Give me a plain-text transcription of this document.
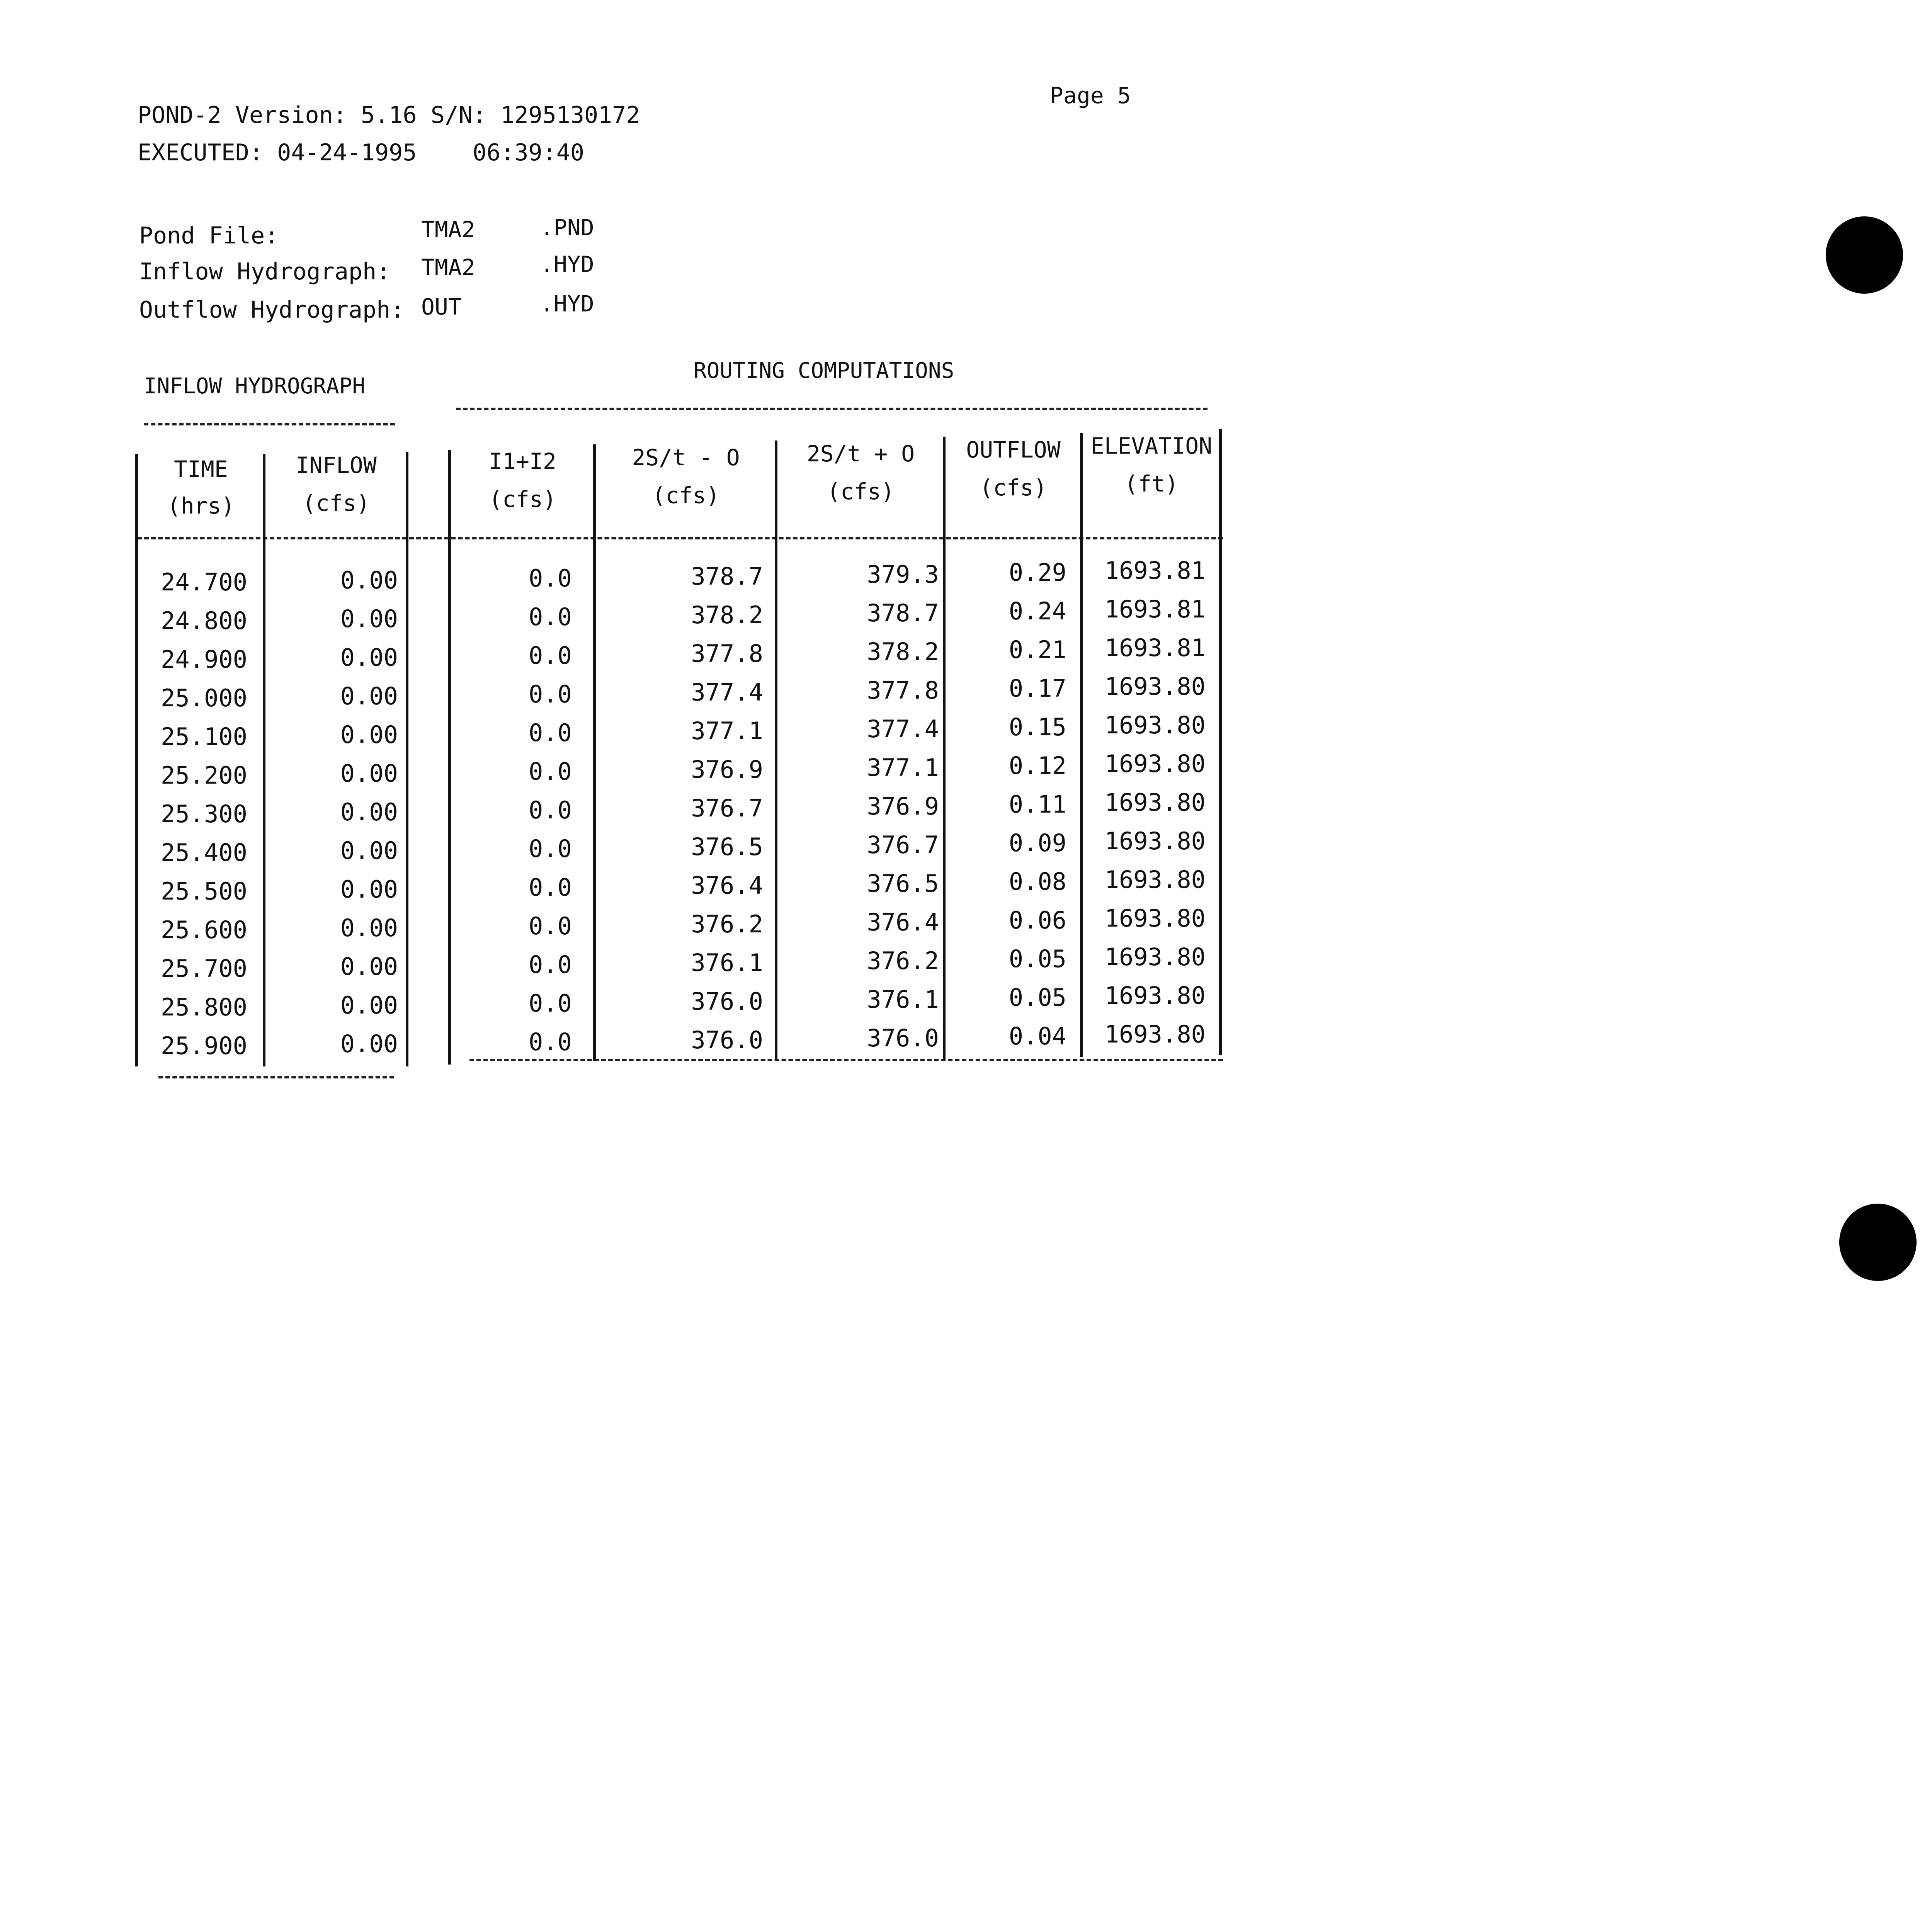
Page 5
POND-2 Version: 5.16 S/N: 1295130172
EXECUTED: 04-24-1995    06:39:40
Pond File:	TMA2	.PND
Inflow Hydrograph: TMA2	.HYD
Outflow Hydrograph: OUT	.HYD
INFLOW HYDROGRAPH
ROUTING COMPUTATIONS
TIME
(hrs)
INFLOW
(cfs)
I1+I2
(cfs)
2S/t - O
(cfs)
2S/t + O
(cfs)
OUTFLOW
(cfs)
ELEVATION
(ft)
24.700	0.00	0.0	378.7	379.3	0.29	1693.81
24.800	0.00	0.0	378.2	378.7	0.24	1693.81
24.900	0.00	0.0	377.8	378.2	0.21	1693.81
25.000	0.00	0.0	377.4	377.8	0.17	1693.80
25.100	0.00	0.0	377.1	377.4	0.15	1693.80
25.200	0.00	0.0	376.9	377.1	0.12	1693.80
25.300	0.00	0.0	376.7	376.9	0.11	1693.80
25.400	0.00	0.0	376.5	376.7	0.09	1693.80
25.500	0.00	0.0	376.4	376.5	0.08	1693.80
25.600	0.00	0.0	376.2	376.4	0.06	1693.80
25.700	0.00	0.0	376.1	376.2	0.05	1693.80
25.800	0.00	0.0	376.0	376.1	0.05	1693.80
25.900	0.00	0.0	376.0	376.0	0.04	1693.80
